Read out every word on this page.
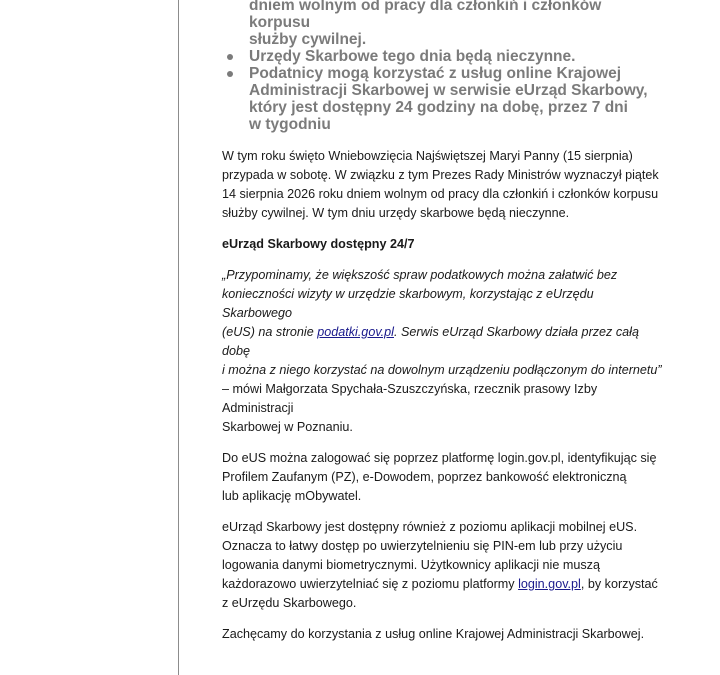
dniem wolnym od pracy dla członkiń i członków korpusu
służby cywilnej.
Urzędy Skarbowe tego dnia będą nieczynne.
Podatnicy mogą korzystać z usług online Krajowej
Administracji Skarbowej w serwisie eUrząd Skarbowy,
który jest dostępny 24 godziny na dobę, przez 7 dni
w tygodniu

W tym roku święto Wniebowzięcia Najświętszej Maryi Panny (15 sierpnia)
przypada w sobotę. W związku z tym Prezes Rady Ministrów wyznaczył piątek
14 sierpnia 2026 roku dniem wolnym od pracy dla członkiń i członków korpusu
służby cywilnej. W tym dniu urzędy skarbowe będą nieczynne.

eUrząd Skarbowy dostępny 24/7

„Przypominamy, że większość spraw podatkowych można załatwić bez
konieczności wizyty w urzędzie skarbowym, korzystając z eUrzędu Skarbowego
(eUS) na stronie podatki.gov.pl. Serwis eUrząd Skarbowy działa przez całą dobę
i można z niego korzystać na dowolnym urządzeniu podłączonym do internetu”
– mówi Małgorzata Spychała-Szuszczyńska, rzecznik prasowy Izby Administracji
Skarbowej w Poznaniu.

Do eUS można zalogować się poprzez platformę login.gov.pl, identyfikując się
Profilem Zaufanym (PZ), e-Dowodem, poprzez bankowość elektroniczną
lub aplikację mObywatel.

eUrząd Skarbowy jest dostępny również z poziomu aplikacji mobilnej eUS.
Oznacza to łatwy dostęp po uwierzytelnieniu się PIN-em lub przy użyciu
logowania danymi biometrycznymi. Użytkownicy aplikacji nie muszą
każdorazowo uwierzytelniać się z poziomu platformy login.gov.pl, by korzystać
z eUrzędu Skarbowego.

Zachęcamy do korzystania z usług online Krajowej Administracji Skarbowej.
